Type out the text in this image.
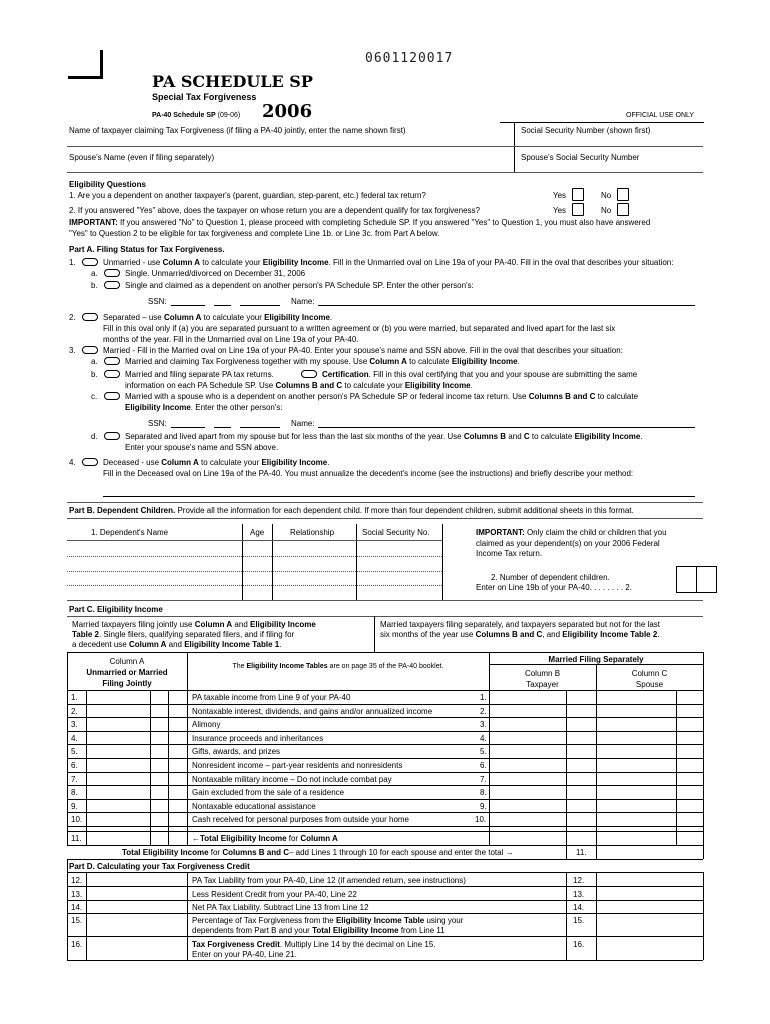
0601120017
PA SCHEDULE SP
Special Tax Forgiveness
PA-40 Schedule SP (09-06) 2006	OFFICIAL USE ONLY
Name of taxpayer claiming Tax Forgiveness (if filing a PA-40 jointly, enter the name shown first)	Social Security Number (shown first)
Spouse's Name (even if filing separately)	Spouse's Social Security Number
Eligibility Questions
1. Are you a dependent on another taxpayer's (parent, guardian, step-parent, etc.) federal tax return?	Yes	No
2. If you answered "Yes" above, does the taxpayer on whose return you are a dependent qualify for tax forgiveness?	Yes	No
IMPORTANT: If you answered "No" to Question 1, please proceed with completing Schedule SP. If you answered "Yes" to Question 1, you must also have answered
"Yes" to Question 2 to be eligible for tax forgiveness and complete Line 1b. or Line 3c. from Part A below.
Part A. Filing Status for Tax Forgiveness.
1.	Unmarried - use Column A to calculate your Eligibility Income. Fill in the Unmarried oval on Line 19a of your PA-40. Fill in the oval that describes your situation:
a.	Single. Unmarried/divorced on December 31, 2006
b.	Single and claimed as a dependent on another person's PA Schedule SP. Enter the other person's:
SSN:	Name:
2.	Separated – use Column A to calculate your Eligibility Income.
Fill in this oval only if (a) you are separated pursuant to a written agreement or (b) you were married, but separated and lived apart for the last six
months of the year. Fill in the Unmarried oval on Line 19a of your PA-40.
3.	Married - Fill in the Married oval on Line 19a of your PA-40. Enter your spouse's name and SSN above. Fill in the oval that describes your situation:
a.	Married and claiming Tax Forgiveness together with my spouse. Use Column A to calculate Eligibility Income.
b.	Married and filing separate PA tax returns.	Certification. Fill in this oval certifying that you and your spouse are submitting the same
information on each PA Schedule SP. Use Columns B and C to calculate your Eligibility Income.
c.	Married with a spouse who is a dependent on another person's PA Schedule SP or federal income tax return. Use Columns B and C to calculate
Eligibility Income. Enter the other person's:
SSN:	Name:
d.	Separated and lived apart from my spouse but for less than the last six months of the year. Use Columns B and C to calculate Eligibility Income.
Enter your spouse's name and SSN above.
4.	Deceased - use Column A to calculate your Eligibility Income.
Fill in the Deceased oval on Line 19a of the PA-40. You must annualize the decedent's income (see the instructions) and briefly describe your method:
Part B. Dependent Children. Provide all the information for each dependent child. If more than four dependent children, submit additional sheets in this format.
1. Dependent's Name	Age	Relationship	Social Security No.	IMPORTANT: Only claim the child or children that you
claimed as your dependent(s) on your 2006 Federal
Income Tax return.
2. Number of dependent children.
Enter on Line 19b of your PA-40. . . . . . . . 2.
Part C. Eligibility Income
Married taxpayers filing jointly use Column A and Eligibility Income
Table 2. Single filers, qualifying separated filers, and if filing for
a decedent use Column A and Eligibility Income Table 1.
Married taxpayers filing separately, and taxpayers separated but not for the last
six months of the year use Columns B and C, and Eligibility Income Table 2.
Column A
Unmarried or Married
Filing Jointly
The Eligibility Income Tables are on page 35 of the PA-40 booklet.
Married Filing Separately
Column B
Taxpayer
Column C
Spouse
1.	PA taxable income from Line 9 of your PA-40	1.
2.	Nontaxable interest, dividends, and gains and/or annualized income	2.
3.	Alimony	3.
4.	Insurance proceeds and inheritances	4.
5.	Gifts, awards, and prizes	5.
6.	Nonresident income – part-year residents and nonresidents	6.
7.	Nontaxable military income – Do not include combat pay	7.
8.	Gain excluded from the sale of a residence	8.
9.	Nontaxable educational assistance	9.
10.	Cash received for personal purposes from outside your home	10.
11.	←Total Eligibility Income for Column A
Total Eligibility Income for Columns B and C– add Lines 1 through 10 for each spouse and enter the total →	11.
Part D. Calculating your Tax Forgiveness Credit
12.	PA Tax Liability from your PA-40, Line 12 (if amended return, see instructions)	12.
13.	Less Resident Credit from your PA-40, Line 22	13.
14.	Net PA Tax Liability. Subtract Line 13 from Line 12	14.
15.	Percentage of Tax Forgiveness from the Eligibility Income Table using your
dependents from Part B and your Total Eligibility Income from Line 11
15.
16.	Tax Forgiveness Credit. Multiply Line 14 by the decimal on Line 15.
Enter on your PA-40, Line 21.
16.
